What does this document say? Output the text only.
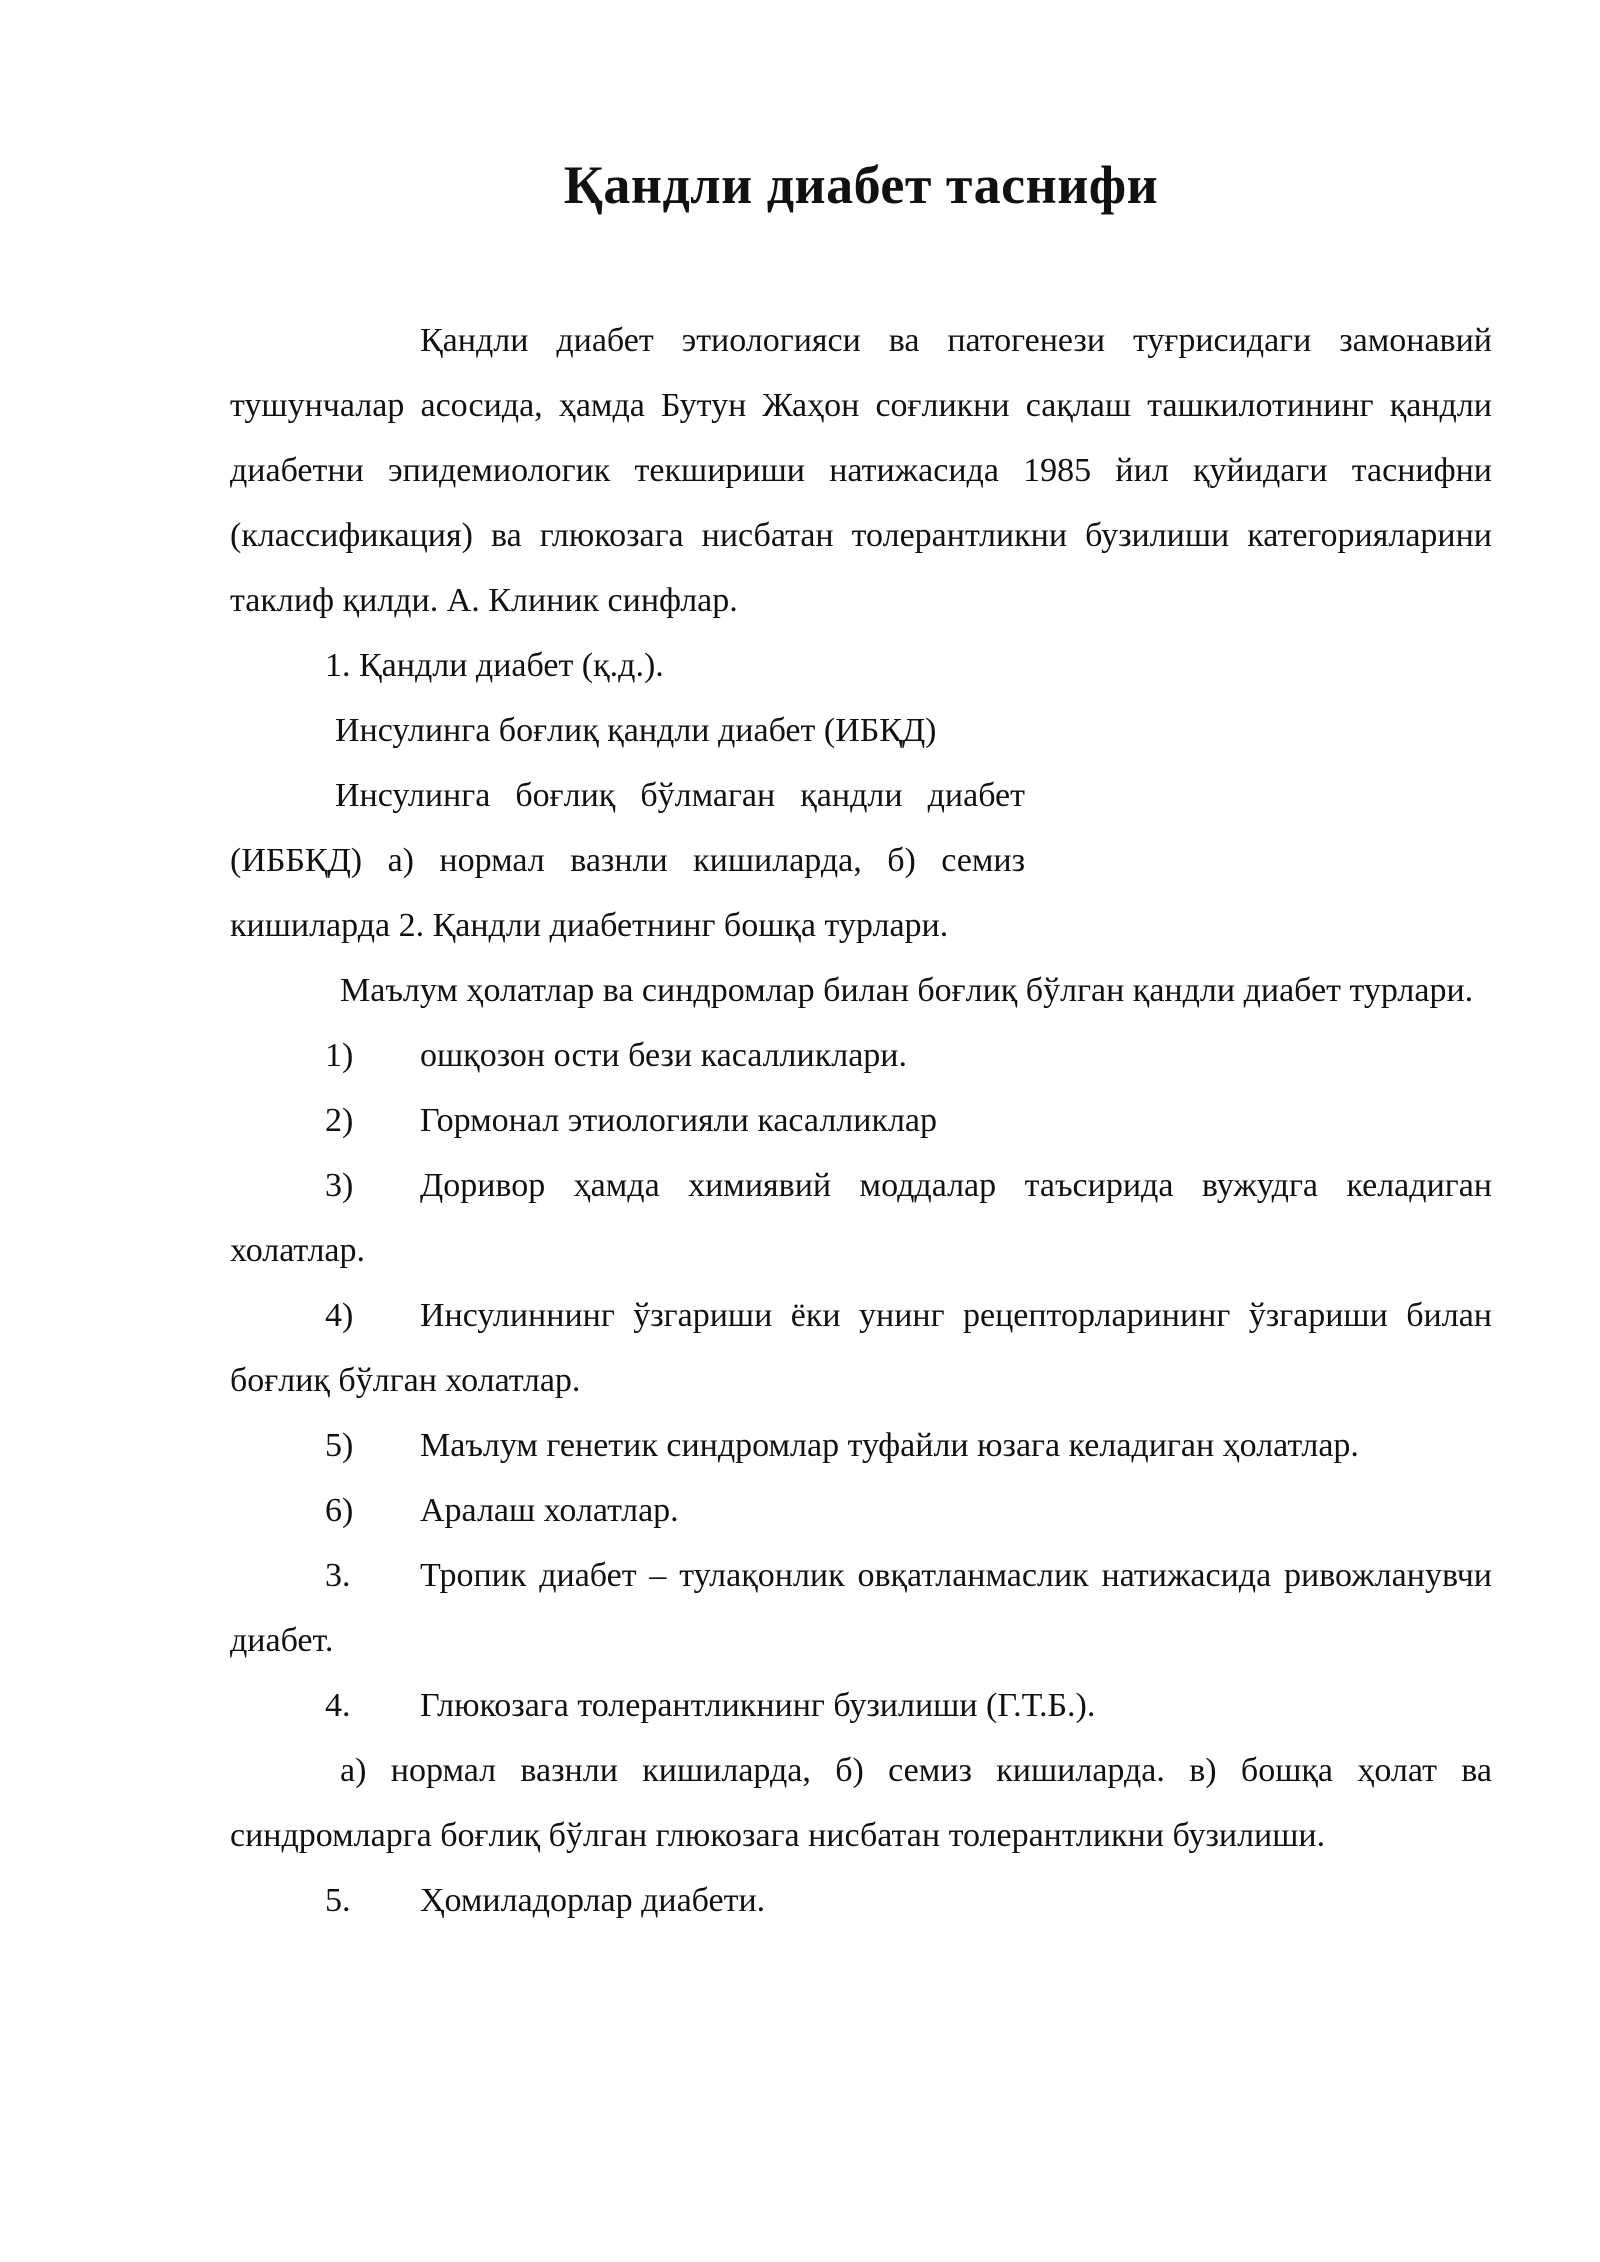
Қандли диабет таснифи

Қандли диабет этиологияси ва патогенези туғрисидаги замонавий тушунчалар асосида, ҳамда Бутун Жаҳон соғликни сақлаш ташкилотининг қандли диабетни эпидемиологик текшириши натижасида 1985 йил қуйидаги таснифни (классификация) ва глюкозага нисбатан толерантликни бузилиши категорияларини таклиф қилди. А. Клиник синфлар.

1. Қандли диабет (қ.д.).

Инсулинга боғлиқ қандли диабет (ИБҚД)

Инсулинга боғлиқ бўлмаган қандли диабет (ИББҚД) а) нормал вазнли кишиларда, б) семиз кишиларда 2. Қандли диабетнинг бошқа турлари.

Маълум ҳолатлар ва синдромлар билан боғлиқ бўлган қандли диабет турлари.

1) ошқозон ости бези касалликлари.

2) Гормонал этиологияли касалликлар

3) Доривор ҳамда химиявий моддалар таъсирида вужудга келадиган холатлар.

4) Инсулиннинг ўзгариши ёки унинг рецепторларининг ўзгариши билан боғлиқ бўлган холатлар.

5) Маълум генетик синдромлар туфайли юзага келадиган ҳолатлар.

6) Аралаш холатлар.

3. Тропик диабет – тулақонлик овқатланмаслик натижасида ривожланувчи диабет.

4. Глюкозага толерантликнинг бузилиши (Г.Т.Б.).

а) нормал вазнли кишиларда, б) семиз кишиларда. в) бошқа ҳолат ва синдромларга боғлиқ бўлган глюкозага нисбатан толерантликни бузилиши.

5. Ҳомиладорлар диабети.
